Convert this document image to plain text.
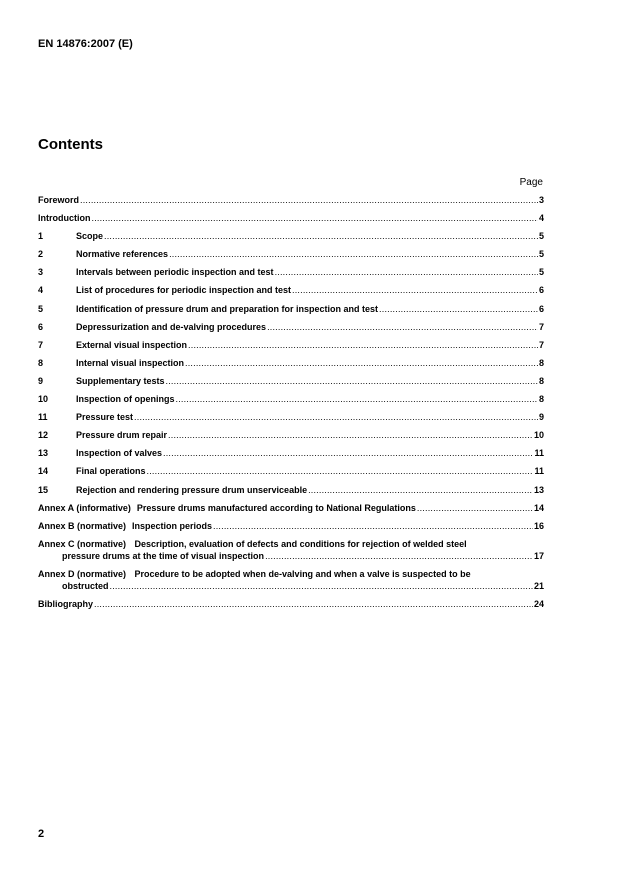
EN 14876:2007 (E)
Contents
Page
Foreword .....	3
Introduction .....	4
1	Scope .....	5
2	Normative references .....	5
3	Intervals between periodic inspection and test .....	5
4	List of procedures for periodic inspection and test .....	6
5	Identification of pressure drum and preparation for inspection and test .....	6
6	Depressurization and de-valving procedures .....	7
7	External visual inspection .....	7
8	Internal visual inspection .....	8
9	Supplementary tests .....	8
10	Inspection of openings .....	8
11	Pressure test .....	9
12	Pressure drum repair .....	10
13	Inspection of valves .....	11
14	Final operations .....	11
15	Rejection and rendering pressure drum unserviceable .....	13
Annex A (informative) Pressure drums manufactured according to National Regulations .....	14
Annex B (normative) Inspection periods .....	16
Annex C (normative) Description, evaluation of defects and conditions for rejection of welded steel
pressure drums at the time of visual inspection .....	17
Annex D (normative) Procedure to be adopted when de-valving and when a valve is suspected to be
obstructed .....	21
Bibliography .....	24
2
